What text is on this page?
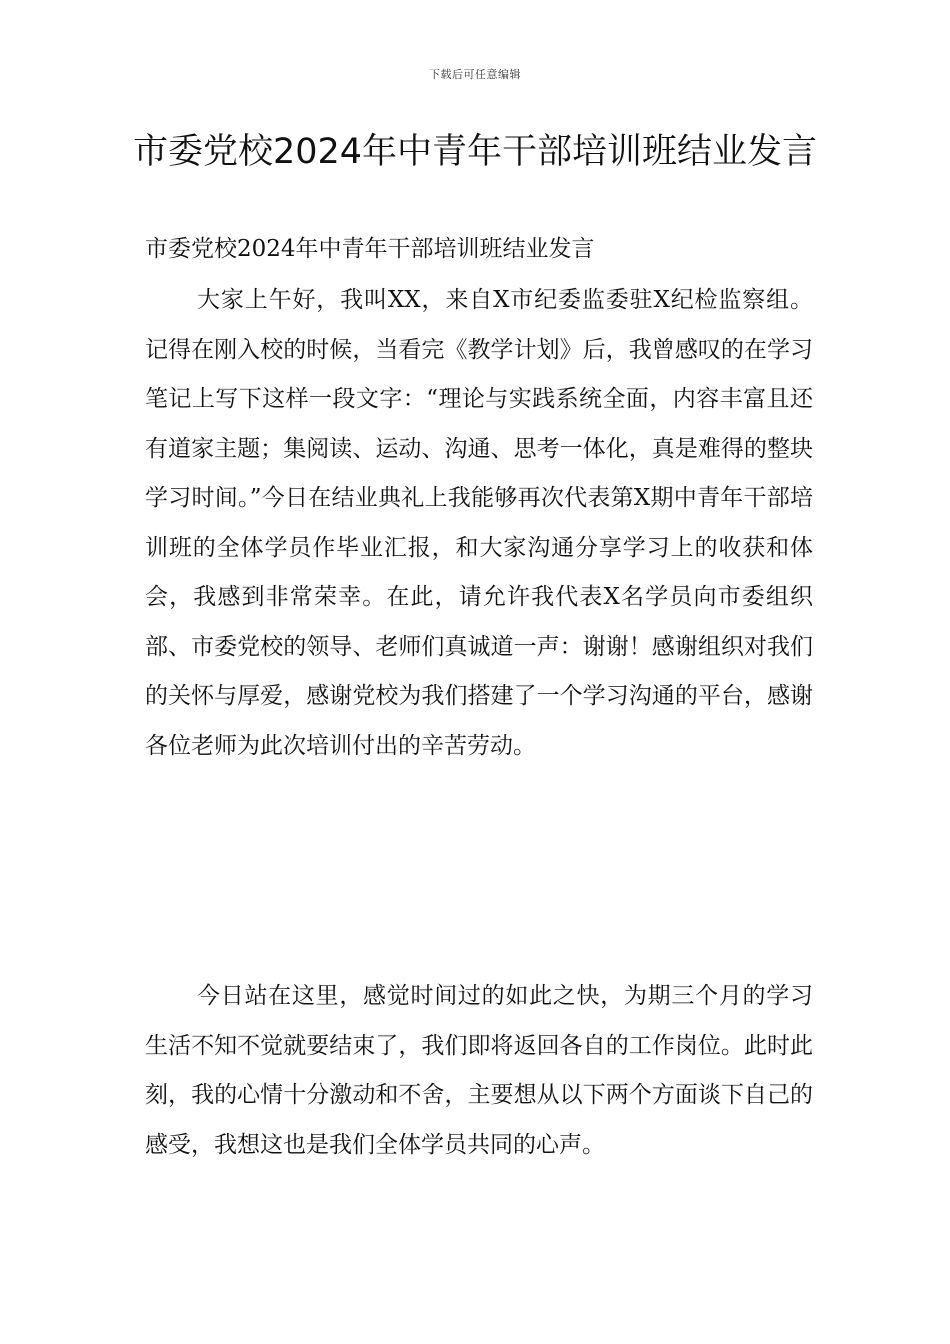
下载后可任意编辑
市委党校2024年中青年干部培训班结业发言

市委党校2024年中青年干部培训班结业发言

大家上午好，我叫XX，来自X市纪委监委驻X纪检监察组。记得在刚入校的时候，当看完《教学计划》后，我曾感叹的在学习笔记上写下这样一段文字：“理论与实践系统全面，内容丰富且还有道家主题；集阅读、运动、沟通、思考一体化，真是难得的整块学习时间。”今日在结业典礼上我能够再次代表第X期中青年干部培训班的全体学员作毕业汇报，和大家沟通分享学习上的收获和体会，我感到非常荣幸。在此，请允许我代表X名学员向市委组织部、市委党校的领导、老师们真诚道一声：谢谢！感谢组织对我们的关怀与厚爱，感谢党校为我们搭建了一个学习沟通的平台，感谢各位老师为此次培训付出的辛苦劳动。

今日站在这里，感觉时间过的如此之快，为期三个月的学习生活不知不觉就要结束了，我们即将返回各自的工作岗位。此时此刻，我的心情十分激动和不舍，主要想从以下两个方面谈下自己的感受，我想这也是我们全体学员共同的心声。
